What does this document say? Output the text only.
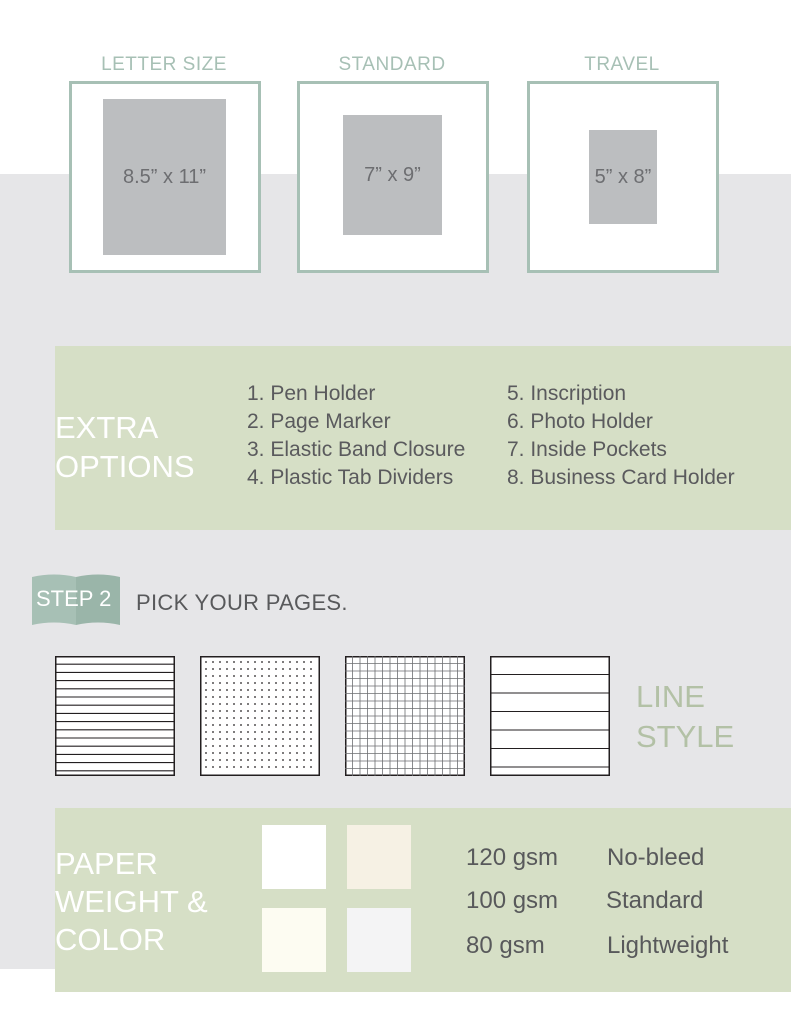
LETTER SIZE
8.5” x 11”
STANDARD
7” x 9”
TRAVEL
5” x 8”
EXTRA
OPTIONS
1. Pen Holder
2. Page Marker
3. Elastic Band Closure
4. Plastic Tab Dividers
5. Inscription
6. Photo Holder
7. Inside Pockets
8. Business Card Holder
STEP 2 PICK YOUR PAGES.
LINE
STYLE
PAPER
WEIGHT &
COLOR
120 gsm No-bleed
100 gsm Standard
80 gsm	Lightweight
